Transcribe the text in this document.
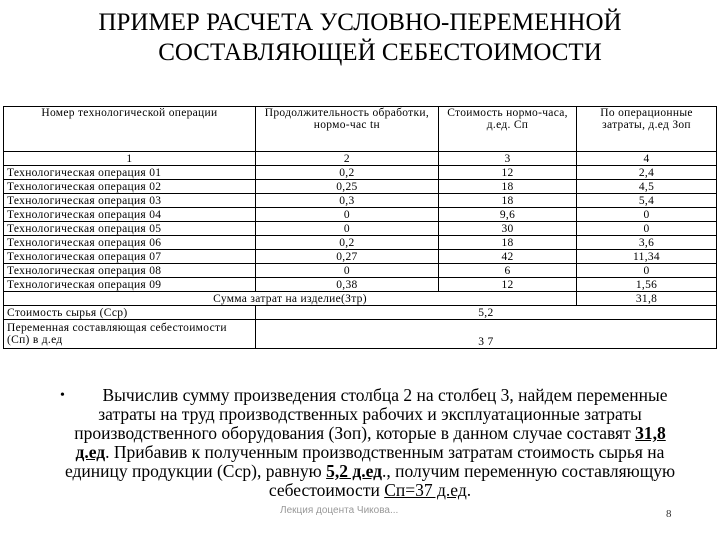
ПРИМЕР РАСЧЕТА УСЛОВНО-ПЕРЕМЕННОЙ
СОСТАВЛЯЮЩЕЙ СЕБЕСТОИМОСТИ
Номер технологической операции	Продолжительность обработки, нормо-час tн	Стоимость нормо-часа, д.ед. Сп	По операционные затраты, д.ед Зоп
1	2	3	4
Технологическая операция 01	0,2	12	2,4
Технологическая операция 02	0,25	18	4,5
Технологическая операция 03	0,3	18	5,4
Технологическая операция 04	0	9,6	0
Технологическая операция 05	0	30	0
Технологическая операция 06	0,2	18	3,6
Технологическая операция 07	0,27	42	11,34
Технологическая операция 08	0	6	0
Технологическая операция 09	0,38	12	1,56
Сумма затрат на изделие(Зтр)			31,8
Стоимость сырья (Сср)	5,2		
Переменная составляющая себестоимости (Сп) в д.ед	3 7		
•	Вычислив сумму произведения столбца 2 на столбец 3, найдем переменные затраты на труд производственных рабочих и эксплуатационные затраты производственного оборудования (Зоп), которые в данном случае составят 31,8 д.ед. Прибавив к полученным производственным затратам стоимость сырья на единицу продукции (Ссp), равную 5,2 д.ед., получим переменную составляющую себестоимости Сп=37 д.ед.
Лекция доцента Чикова...	8
